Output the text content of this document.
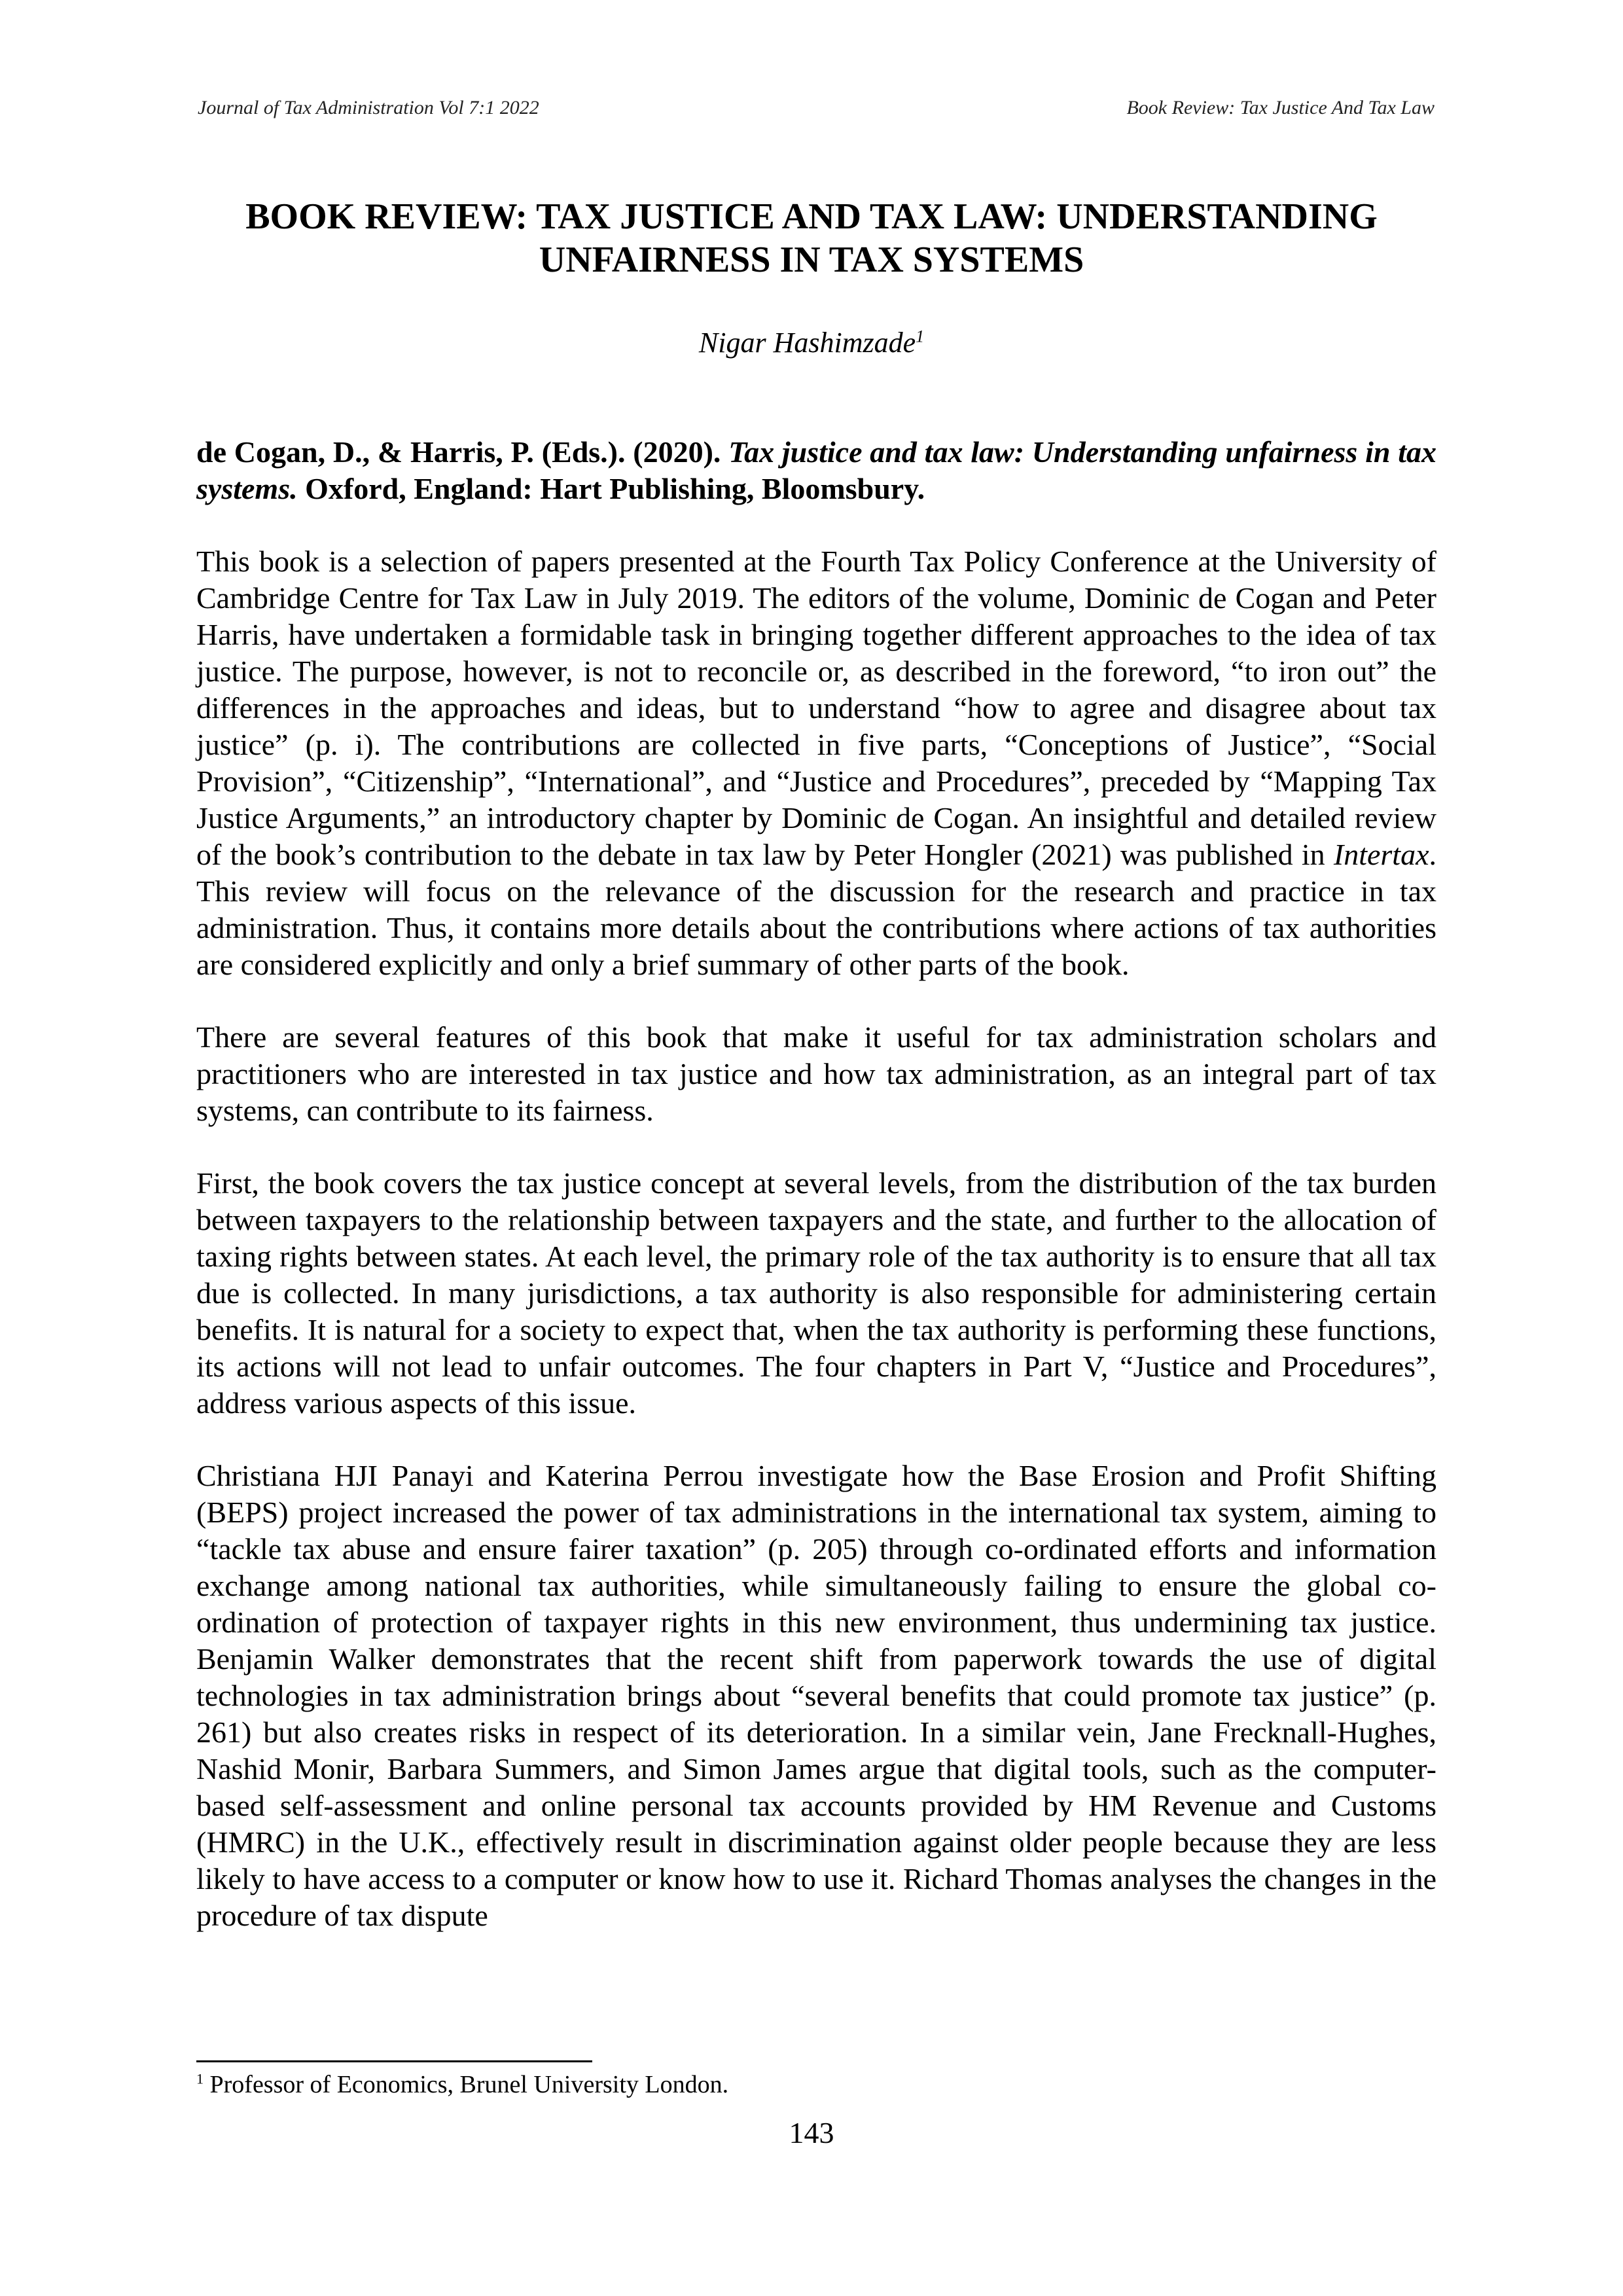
Journal of Tax Administration Vol 7:1 2022	Book Review: Tax Justice And Tax Law
BOOK REVIEW: TAX JUSTICE AND TAX LAW: UNDERSTANDING
UNFAIRNESS IN TAX SYSTEMS
Nigar Hashimzade$^1$

de Cogan, D., & Harris, P. (Eds.). (2020). Tax justice and tax law: Understanding unfairness in tax systems. Oxford, England: Hart Publishing, Bloomsbury.

This book is a selection of papers presented at the Fourth Tax Policy Conference at the University of Cambridge Centre for Tax Law in July 2019. The editors of the volume, Dominic de Cogan and Peter Harris, have undertaken a formidable task in bringing together different approaches to the idea of tax justice. The purpose, however, is not to reconcile or, as described in the foreword, “to iron out” the differences in the approaches and ideas, but to understand “how to agree and disagree about tax justice” (p. i). The contributions are collected in five parts, “Conceptions of Justice”, “Social Provision”, “Citizenship”, “International”, and “Justice and Procedures”, preceded by “Mapping Tax Justice Arguments,” an introductory chapter by Dominic de Cogan. An insightful and detailed review of the book’s contribution to the debate in tax law by Peter Hongler (2021) was published in Intertax. This review will focus on the relevance of the discussion for the research and practice in tax administration. Thus, it contains more details about the contributions where actions of tax authorities are considered explicitly and only a brief summary of other parts of the book.

There are several features of this book that make it useful for tax administration scholars and practitioners who are interested in tax justice and how tax administration, as an integral part of tax systems, can contribute to its fairness.

First, the book covers the tax justice concept at several levels, from the distribution of the tax burden between taxpayers to the relationship between taxpayers and the state, and further to the allocation of taxing rights between states. At each level, the primary role of the tax authority is to ensure that all tax due is collected. In many jurisdictions, a tax authority is also responsible for administering certain benefits. It is natural for a society to expect that, when the tax authority is performing these functions, its actions will not lead to unfair outcomes. The four chapters in Part V, “Justice and Procedures”, address various aspects of this issue.

Christiana HJI Panayi and Katerina Perrou investigate how the Base Erosion and Profit Shifting (BEPS) project increased the power of tax administrations in the international tax system, aiming to “tackle tax abuse and ensure fairer taxation” (p. 205) through co-ordinated efforts and information exchange among national tax authorities, while simultaneously failing to ensure the global co-ordination of protection of taxpayer rights in this new environment, thus undermining tax justice. Benjamin Walker demonstrates that the recent shift from paperwork towards the use of digital technologies in tax administration brings about “several benefits that could promote tax justice” (p. 261) but also creates risks in respect of its deterioration. In a similar vein, Jane Frecknall-Hughes, Nashid Monir, Barbara Summers, and Simon James argue that digital tools, such as the computer-based self-assessment and online personal tax accounts provided by HM Revenue and Customs (HMRC) in the U.K., effectively result in discrimination against older people because they are less likely to have access to a computer or know how to use it. Richard Thomas analyses the changes in the procedure of tax dispute

$^1$ Professor of Economics, Brunel University London.
143
